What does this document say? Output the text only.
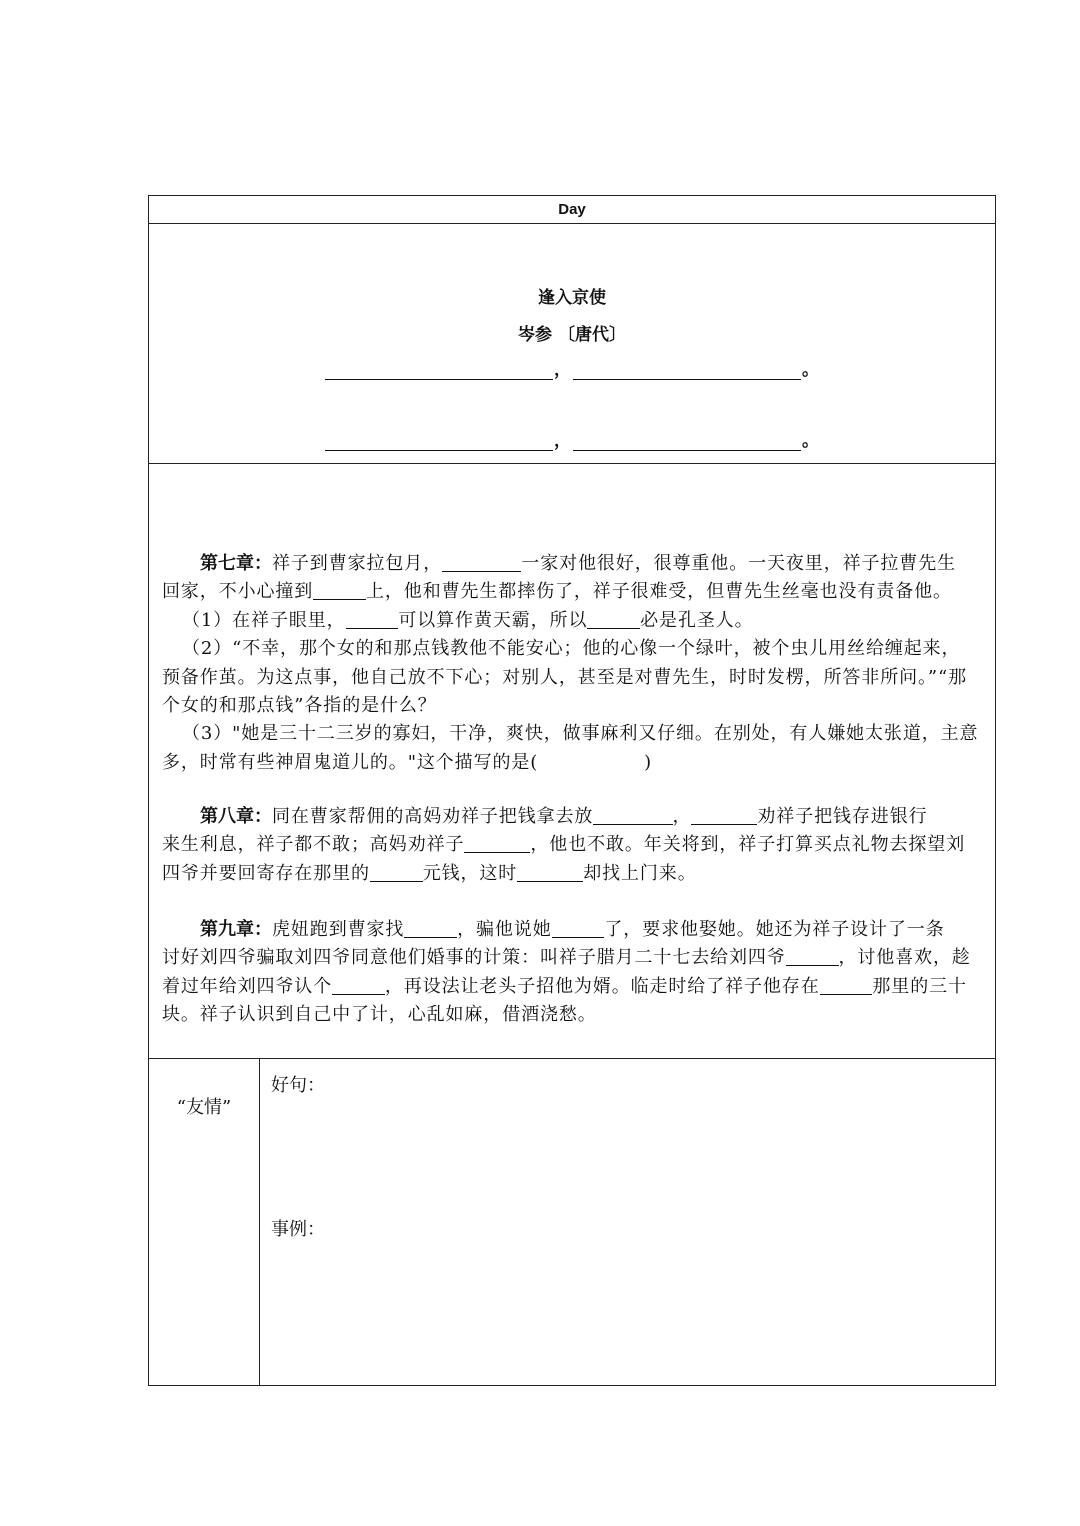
Day
逢入京使
岑参 〔唐代〕
，	。
，	。
第七章：祥子到曹家拉包月，	一家对他很好，很尊重他。一天夜里，祥子拉曹先生
回家，不小心撞到	上，他和曹先生都摔伤了，祥子很难受，但曹先生丝毫也没有责备他。
（1）在祥子眼里，	可以算作黄天霸，所以	必是孔圣人。
（2）“不幸，那个女的和那点钱教他不能安心；他的心像一个绿叶，被个虫儿用丝给缠起来，
预备作茧。为这点事，他自己放不下心；对别人，甚至是对曹先生，时时发楞，所答非所问。”“那
个女的和那点钱”各指的是什么？
（3）"她是三十二三岁的寡妇，干净，爽快，做事麻利又仔细。在别处，有人嫌她太张道，主意
多，时常有些神眉鬼道儿的。"这个描写的是(                )
第八章：同在曹家帮佣的高妈劝祥子把钱拿去放	，	劝祥子把钱存进银行
来生利息，祥子都不敢；高妈劝祥子	，他也不敢。年关将到，祥子打算买点礼物去探望刘
四爷并要回寄存在那里的	元钱，这时	却找上门来。
第九章：虎妞跑到曹家找	，骗他说她	了，要求他娶她。她还为祥子设计了一条
讨好刘四爷骗取刘四爷同意他们婚事的计策：叫祥子腊月二十七去给刘四爷	，讨他喜欢，趁
着过年给刘四爷认个	，再设法让老头子招他为婿。临走时给了祥子他存在	那里的三十
块。祥子认识到自己中了计，心乱如麻，借酒浇愁。
“友情”
好句：
事例：
